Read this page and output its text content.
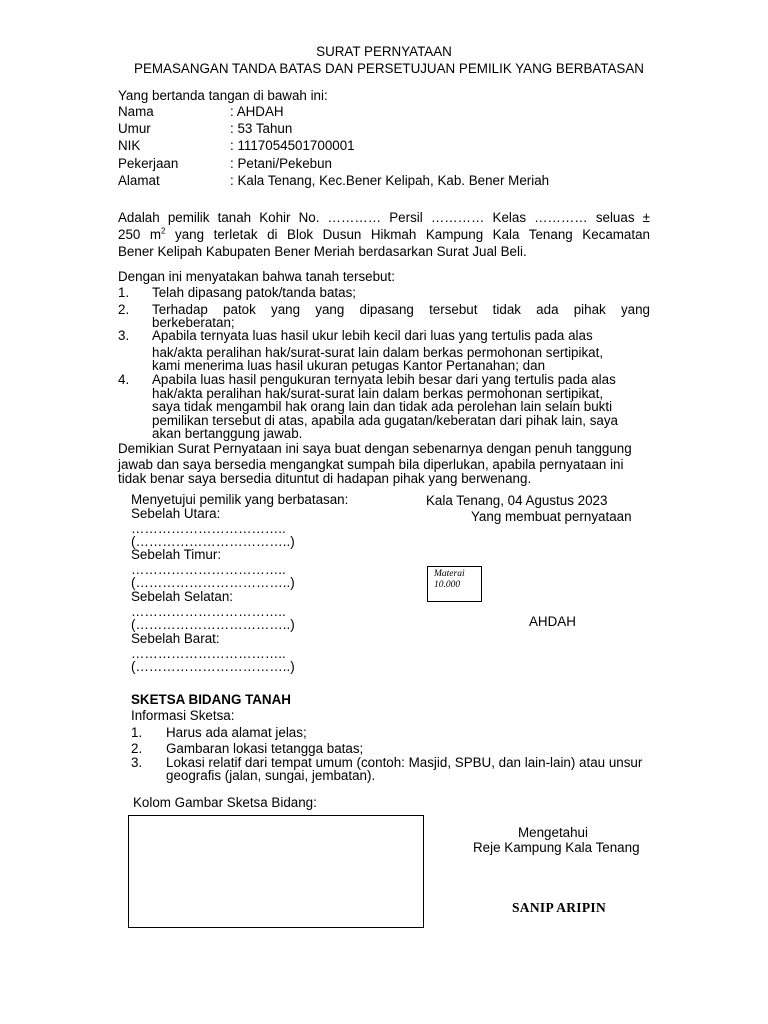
SURAT PERNYATAAN
PEMASANGAN TANDA BATAS DAN PERSETUJUAN PEMILIK YANG BERBATASAN
Yang bertanda tangan di bawah ini:
Nama	: AHDAH
Umur	: 53 Tahun
NIK	: 1117054501700001
Pekerjaan	: Petani/Pekebun
Alamat	: Kala Tenang, Kec.Bener Kelipah, Kab. Bener Meriah
Adalah pemilik tanah Kohir No. ………… Persil ………… Kelas ………… seluas ±
250 $m^2$ yang terletak di Blok Dusun Hikmah Kampung Kala Tenang Kecamatan
Bener Kelipah Kabupaten Bener Meriah berdasarkan Surat Jual Beli.
Dengan ini menyatakan bahwa tanah tersebut:
1. Telah dipasang patok/tanda batas;
2. Terhadap patok yang yang dipasang tersebut tidak ada pihak yang
berkeberatan;
3. Apabila ternyata luas hasil ukur lebih kecil dari luas yang tertulis pada alas
hak/akta peralihan hak/surat-surat lain dalam berkas permohonan sertipikat,
kami menerima luas hasil ukuran petugas Kantor Pertanahan; dan
4. Apabila luas hasil pengukuran ternyata lebih besar dari yang tertulis pada alas
hak/akta peralihan hak/surat-surat lain dalam berkas permohonan sertipikat,
saya tidak mengambil hak orang lain dan tidak ada perolehan lain selain bukti
pemilikan tersebut di atas, apabila ada gugatan/keberatan dari pihak lain, saya
akan bertanggung jawab.
Demikian Surat Pernyataan ini saya buat dengan sebenarnya dengan penuh tanggung
jawab dan saya bersedia mengangkat sumpah bila diperlukan, apabila pernyataan ini
tidak benar saya bersedia dituntut di hadapan pihak yang berwenang.
Menyetujui pemilik yang berbatasan:
Sebelah Utara:
……………………………..
(……………………………..)
Sebelah Timur:
……………………………..
(……………………………..)
Sebelah Selatan:
……………………………..
(……………………………..)
Sebelah Barat:
……………………………..
(……………………………..)
Kala Tenang, 04 Agustus 2023
Yang membuat pernyataan
Materai
10.000
AHDAH
SKETSA BIDANG TANAH
Informasi Sketsa:
1. Harus ada alamat jelas;
2. Gambaran lokasi tetangga batas;
3. Lokasi relatif dari tempat umum (contoh: Masjid, SPBU, dan lain-lain) atau unsur
geografis (jalan, sungai, jembatan).
Kolom Gambar Sketsa Bidang:
Mengetahui
Reje Kampung Kala Tenang
SANIP ARIPIN
